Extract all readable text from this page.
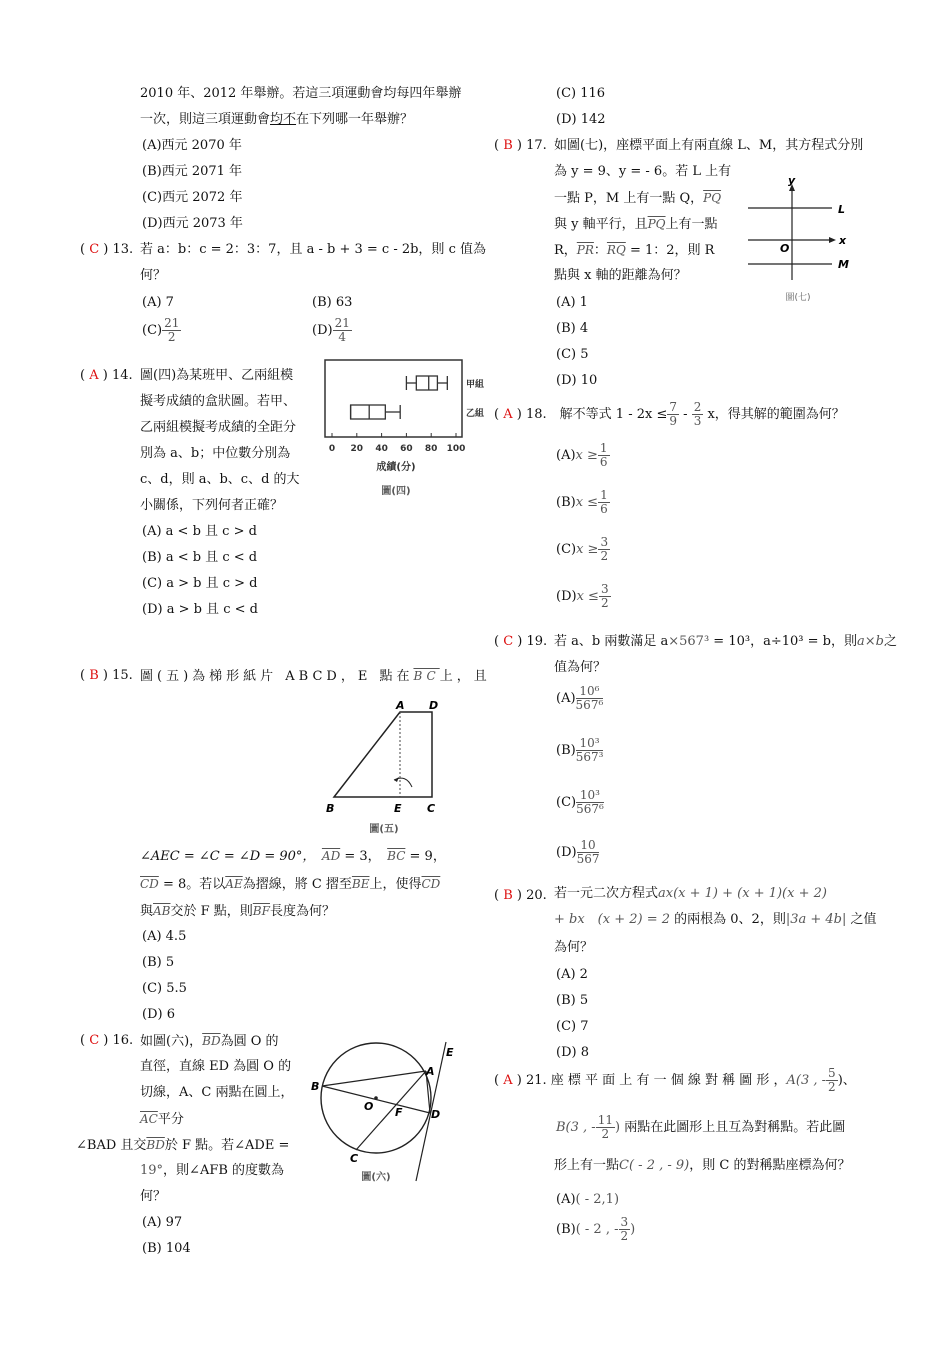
2010 年、2012 年舉辦。若這三項運動會均每四年舉辦
一次，則這三項運動會均不在下列哪一年舉辦？
(A)西元 2070 年
(B)西元 2071 年
(C)西元 2072 年
(D)西元 2073 年
( C ) 13. 若 a：b：c = 2：3：7，且 a - b + 3 = c - 2b，則 c 值為
何？
(A) 7	(B) 63
$(C) \frac{21}{2}$	$(D) \frac{21}{4}$
( A ) 14. 圖(四)為某班甲、乙兩組模
擬考成績的盒狀圖。若甲、
乙兩組模擬考成績的全距分
別為 a、b；中位數分別為
c、d，則 a、b、c、d 的大
小關係，下列何者正確？
(A) a < b 且 c > d
(B) a < b 且 c < d
(C) a > b 且 c > d
(D) a > b 且 c < d
甲組
乙組
0 20 40 60 80 100
成績(分)
圖(四)
( B ) 15. 圖(五)為梯形紙片 ABCD，E 點在$\overline{BC}$上，且
A D
B	E C
圖(五)
∠AEC = ∠C = ∠D = 90°，　 $\overline{AD} = 3$，　 $\overline{BC} = 9$，
$\overline{CD} = 8$。若以$\overline{AE}$為摺線，將 C 摺至$\overline{BE}$上，使得$\overline{CD}$
與$\overline{AB}$交於 F 點，則$\overline{BF}$長度為何？
(A) 4.5
(B) 5
(C) 5.5
(D) 6
( C ) 16. 如圖(六)，$\overline{BD}$為圓 O 的
直徑，直線 ED 為圓 O 的
切線，A、C 兩點在圓上，
$\overline{AC}$平分
∠BAD 且交$\overline{BD}$於 F 點。若∠ADE =
19°，則∠AFB 的度數為
何？
(A) 97
(B) 104
E
A
B
O F	D
C
圖(六)
(C) 116
(D) 142
( B ) 17. 如圖(七)，座標平面上有兩直線 L、M，其方程式分別
為 y = 9、y = - 6。若 L 上有
一點 P，M 上有一點 Q，$\overline{PQ}$
與 y 軸平行，且$\overline{PQ}$上有一點
R，$\overline{PR}$：$\overline{RQ} = 1$：2，則 R
點與 x 軸的距離為何？
(A) 1
(B) 4
(C) 5
(D) 10
y
L
O
x
M
圖(七)
( A ) 18.　 解不等式 $1 - 2x \le \frac{7}{9} - \frac{2}{3}$ x，得其解的範圍為何？
$(A)x \ge \frac{1}{6}$
$(B)x \le \frac{1}{6}$
$(C)x \ge \frac{3}{2}$
$(D)x \le \frac{3}{2}$
( C ) 19. 若 a、b 兩數滿足 a×567³ = 10³，a÷10³ = b，則a×b之
值為何？
$(A) \frac{\text{10⁶}}{\text{567⁶}}$
$(B) \frac{\text{10³}}{\text{567³}}$
$(C) \frac{\text{10³}}{\text{567⁶}}$
$(D) \frac{10}{567}$
( B ) 20. 若一元二次方程式ax(x + 1) + (x + 1)(x + 2)
+ bx　(x + 2) = 2 的兩根為 0、2，則|3a + 4b| 之值
為何？
(A) 2
(B) 5
(C) 7
(D) 8
( A ) 21. 座 標 平 面 上 有 一 個 線 對 稱 圖 形 ，A(3 , - $\frac{5}{2}$ )、
B(3 , - $\frac{11}{2}$ ) 兩點在此圖形上且互為對稱點。若此圖
形上有一點C( - 2 , - 9)，則 C 的對稱點座標為何？
(A)( - 2,1)
(B)( - 2 , - $\frac{3}{2}$ )
